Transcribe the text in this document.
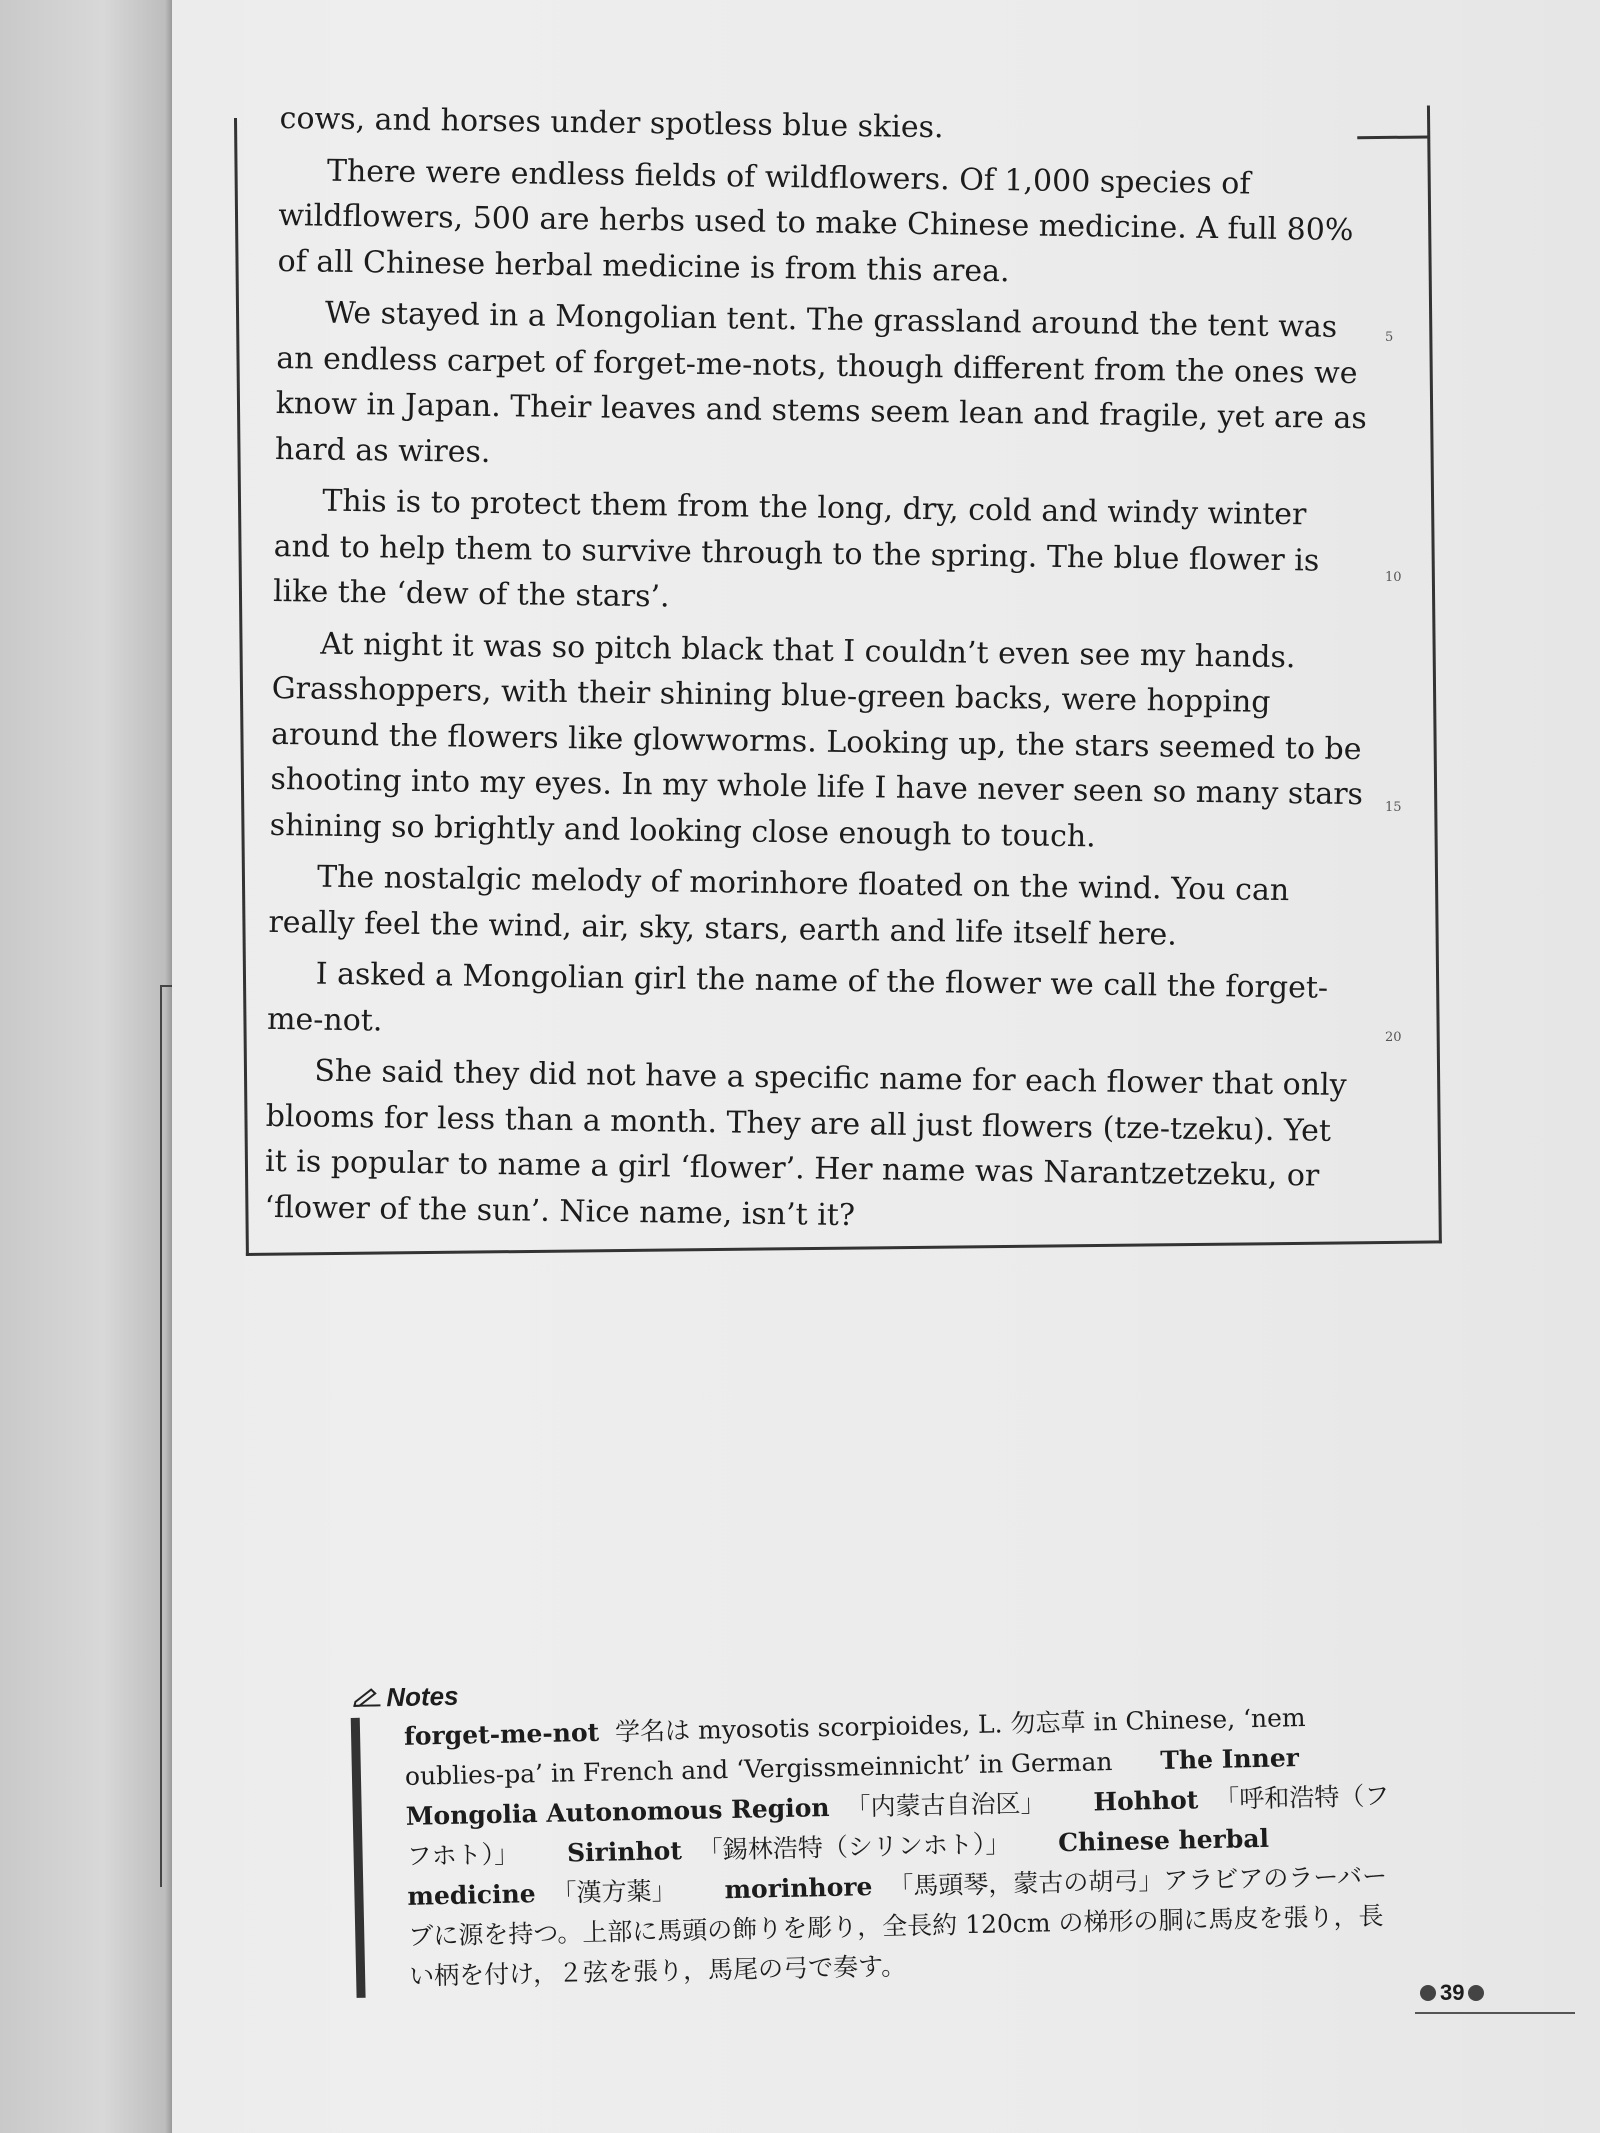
cows, and horses under spotless blue skies.

There were endless fields of wildflowers. Of 1,000 species of wildflowers, 500 are herbs used to make Chinese medicine. A full 80% of all Chinese herbal medicine is from this area.

We stayed in a Mongolian tent. The grassland around the tent was an endless carpet of forget-me-nots, though different from the ones we know in Japan. Their leaves and stems seem lean and fragile, yet are as hard as wires.

This is to protect them from the long, dry, cold and windy winter and to help them to survive through to the spring. The blue flower is like the ‘dew of the stars’.

At night it was so pitch black that I couldn’t even see my hands. Grasshoppers, with their shining blue-green backs, were hopping around the flowers like glowworms. Looking up, the stars seemed to be shooting into my eyes. In my whole life I have never seen so many stars shining so brightly and looking close enough to touch.

The nostalgic melody of morinhore floated on the wind. You can really feel the wind, air, sky, stars, earth and life itself here.

I asked a Mongolian girl the name of the flower we call the forget-me-not.

She said they did not have a specific name for each flower that only blooms for less than a month. They are all just flowers (tze-tzeku). Yet it is popular to name a girl ‘flower’. Her name was Narantzetzeku, or ‘flower of the sun’. Nice name, isn’t it?

5
10
15
20
Notes
forget-me-not 学名は myosotis scorpioides, L. 勿忘草 in Chinese, ‘nem oublies-pa’ in French and ‘Vergissmeinnicht’ in German The Inner Mongolia Autonomous Region 「内蒙古自治区」 Hohhot 「呼和浩特（フフホト）」 Sirinhot 「錫林浩特（シリンホト）」 Chinese herbal medicine 「漢方薬」 morinhore 「馬頭琴，蒙古の胡弓」アラビアのラーバーブに源を持つ。上部に馬頭の飾りを彫り，全長約 120cm の梯形の胴に馬皮を張り，長い柄を付け，２弦を張り，馬尾の弓で奏す。
39
